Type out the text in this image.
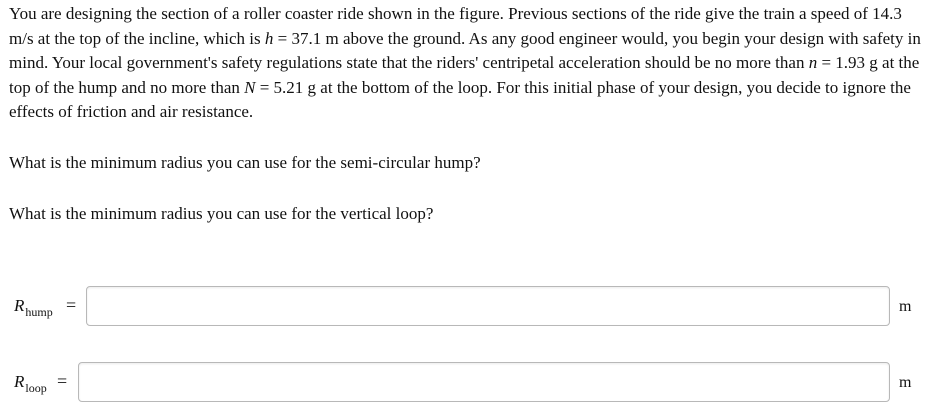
You are designing the section of a roller coaster ride shown in the figure. Previous sections of the ride give the train a speed of 14.3 m/s at the top of the incline, which is h = 37.1 m above the ground. As any good engineer would, you begin your design with safety in mind. Your local government's safety regulations state that the riders' centripetal acceleration should be no more than n = 1.93 g at the top of the hump and no more than N = 5.21 g at the bottom of the loop. For this initial phase of your design, you decide to ignore the effects of friction and air resistance.
What is the minimum radius you can use for the semi-circular hump?
What is the minimum radius you can use for the vertical loop?
$R_{hump}$ =	m
$R_{loop}$ =	m
